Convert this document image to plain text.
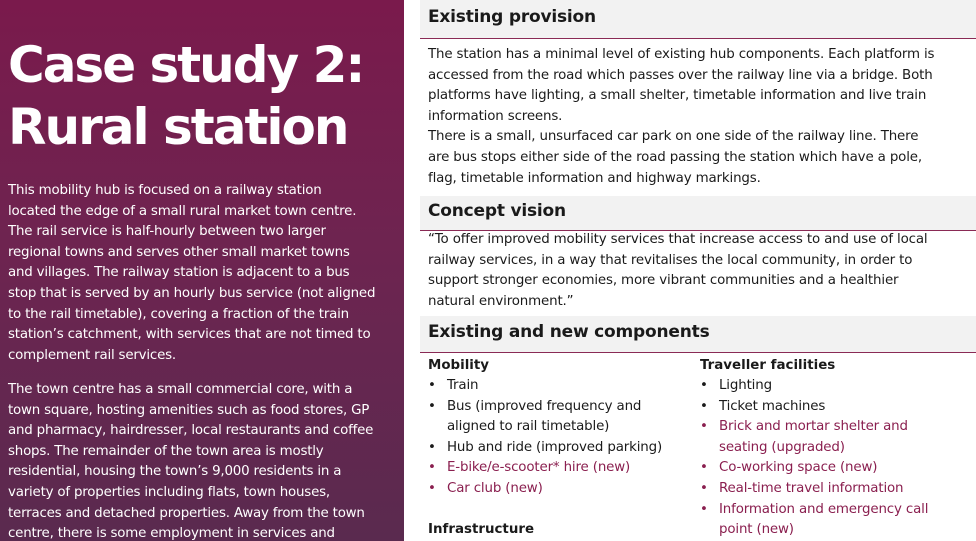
Case study 2:
Rural station
This mobility hub is focused on a railway station
located the edge of a small rural market town centre.
The rail service is half-hourly between two larger
regional towns and serves other small market towns
and villages. The railway station is adjacent to a bus
stop that is served by an hourly bus service (not aligned
to the rail timetable), covering a fraction of the train
station’s catchment, with services that are not timed to
complement rail services.
The town centre has a small commercial core, with a
town square, hosting amenities such as food stores, GP
and pharmacy, hairdresser, local restaurants and coffee
shops. The remainder of the town area is mostly
residential, housing the town’s 9,000 residents in a
variety of properties including flats, town houses,
terraces and detached properties. Away from the town
centre, there is some employment in services and
Existing provision
The station has a minimal level of existing hub components. Each platform is
accessed from the road which passes over the railway line via a bridge. Both
platforms have lighting, a small shelter, timetable information and live train
information screens.
There is a small, unsurfaced car park on one side of the railway line. There
are bus stops either side of the road passing the station which have a pole,
flag, timetable information and highway markings.
Concept vision
“To offer improved mobility services that increase access to and use of local
railway services, in a way that revitalises the local community, in order to
support stronger economies, more vibrant communities and a healthier
natural environment.”
Existing and new components
Mobility
• Train
• Bus (improved frequency and
aligned to rail timetable)
• Hub and ride (improved parking)
• E-bike/e-scooter* hire (new)
• Car club (new)
Infrastructure
Traveller facilities
• Lighting
• Ticket machines
• Brick and mortar shelter and
seating (upgraded)
• Co-working space (new)
• Real-time travel information
• Information and emergency call
point (new)
